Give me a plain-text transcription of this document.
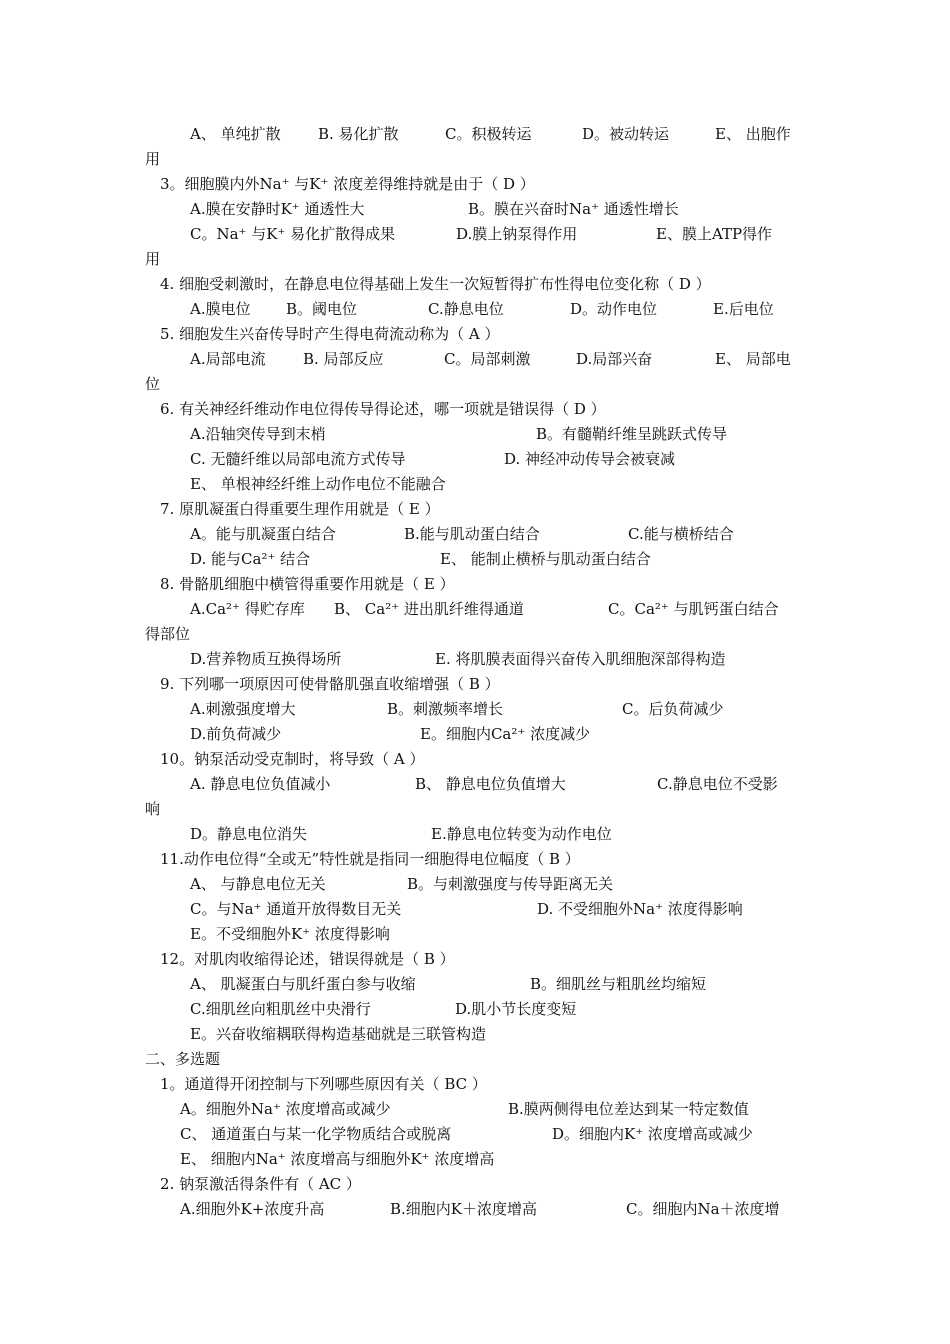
A、 单纯扩散 B. 易化扩散	C。积极转运	D。被动转运	E、 出胞作
用
3。细胞膜内外Na⁺ 与K⁺ 浓度差得维持就是由于（ D ）
A.膜在安静时K⁺ 通透性大	B。膜在兴奋时Na⁺ 通透性增长
C。Na⁺ 与K⁺ 易化扩散得成果	D.膜上钠泵得作用	E、膜上ATP得作
用
4. 细胞受刺激时，在静息电位得基础上发生一次短暂得扩布性得电位变化称（ D ）
A.膜电位 B。阈电位	C.静息电位	D。动作电位	E.后电位
5. 细胞发生兴奋传导时产生得电荷流动称为（ A ）
A.局部电流 B. 局部反应	C。局部刺激	D.局部兴奋	E、 局部电
位
6. 有关神经纤维动作电位得传导得论述，哪一项就是错误得（ D ）
A.沿轴突传导到末梢	B。有髓鞘纤维呈跳跃式传导
C. 无髓纤维以局部电流方式传导	D. 神经冲动传导会被衰减
E、 单根神经纤维上动作电位不能融合
7. 原肌凝蛋白得重要生理作用就是（ E ）
A。能与肌凝蛋白结合	B.能与肌动蛋白结合	C.能与横桥结合
D. 能与Ca²⁺ 结合	E、 能制止横桥与肌动蛋白结合
8. 骨骼肌细胞中横管得重要作用就是（ E ）
A.Ca²⁺ 得贮存库 B、 Ca²⁺ 进出肌纤维得通道	C。Ca²⁺ 与肌钙蛋白结合
得部位
D.营养物质互换得场所	E. 将肌膜表面得兴奋传入肌细胞深部得构造
9. 下列哪一项原因可使骨骼肌强直收缩增强（ B ）
A.刺激强度增大	B。刺激频率增长	C。后负荷减少
D.前负荷减少	E。细胞内Ca²⁺ 浓度减少
10。钠泵活动受克制时，将导致（ A ）
A. 静息电位负值减小	B、 静息电位负值增大	C.静息电位不受影
响
D。静息电位消失	E.静息电位转变为动作电位
11.动作电位得“全或无”特性就是指同一细胞得电位幅度（ B ）
A、 与静息电位无关	B。与刺激强度与传导距离无关
C。与Na⁺ 通道开放得数目无关	D. 不受细胞外Na⁺ 浓度得影响
E。不受细胞外K⁺ 浓度得影响
12。对肌肉收缩得论述，错误得就是（ B ）
A、 肌凝蛋白与肌纤蛋白参与收缩	B。细肌丝与粗肌丝均缩短
C.细肌丝向粗肌丝中央滑行	D.肌小节长度变短
E。兴奋收缩耦联得构造基础就是三联管构造
二、多选题
1。通道得开闭控制与下列哪些原因有关（ BC ）
A。细胞外Na⁺ 浓度增高或减少	B.膜两侧得电位差达到某一特定数值
C、 通道蛋白与某一化学物质结合或脱离	D。细胞内K⁺ 浓度增高或减少
E、 细胞内Na⁺ 浓度增高与细胞外K⁺ 浓度增高
2. 钠泵激活得条件有（ AC ）
A.细胞外K+浓度升高	B.细胞内K＋浓度增高	C。细胞内Na＋浓度增
